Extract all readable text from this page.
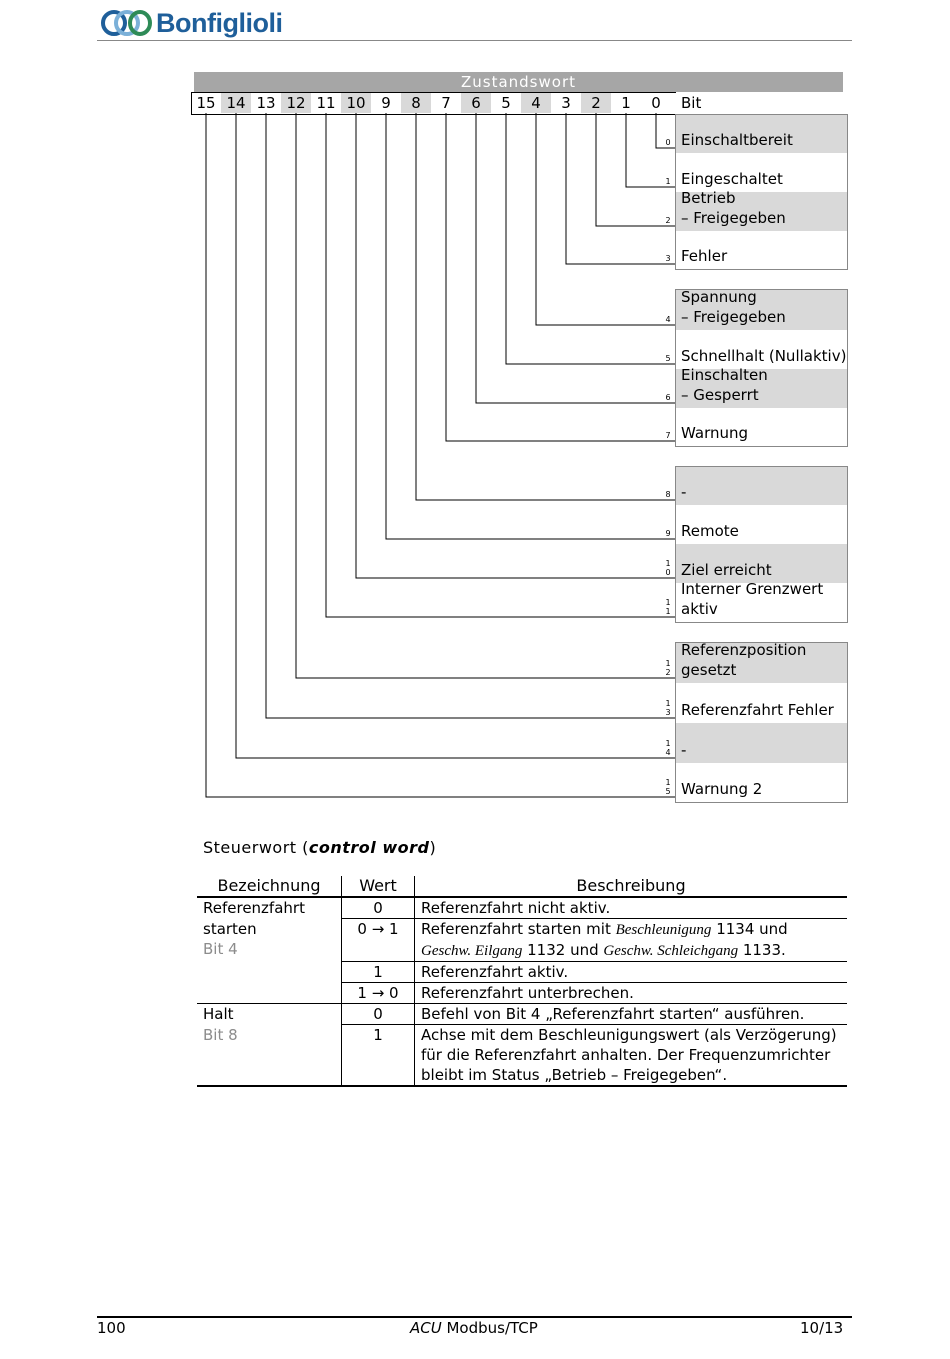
Bonfiglioli
Zustandswort
15 14 13 12 11 10	9	8	7	6	5	4	3	2	1	0	Bit
Einschaltbereit
0
Eingeschaltet
1
Betrieb
– Freigegeben
2
Fehler
3
Spannung
– Freigegeben
4
Schnellhalt (Nullaktiv)
5
Einschalten
– Gesperrt
6
Warnung
7
-
8
Remote
9
Ziel erreicht
1
0
Interner Grenzwert
aktiv
1
1
Referenzposition
gesetzt
1
2
Referenzfahrt Fehler
1
3
-
1
4
Warnung 2
1
5
Steuerwort (control word)
Bezeichnung	Wert	Beschreibung
Referenzfahrt	0	Referenzfahrt nicht aktiv.
starten
Bit 4	0 → 1	Referenzfahrt starten mit Beschleunigung 1134 und Geschw. Eilgang 1132 und Geschw. Schleichgang 1133.
	1	Referenzfahrt aktiv.
	1 → 0	Referenzfahrt unterbrechen.
Halt	0	Befehl von Bit 4 „Referenzfahrt starten“ ausführen.
Bit 8	1	Achse mit dem Beschleunigungswert (als Verzögerung) für die Referenzfahrt anhalten. Der Frequenzumrichter bleibt im Status „Betrieb – Freigegeben“.
100	ACU Modbus/TCP	10/13
